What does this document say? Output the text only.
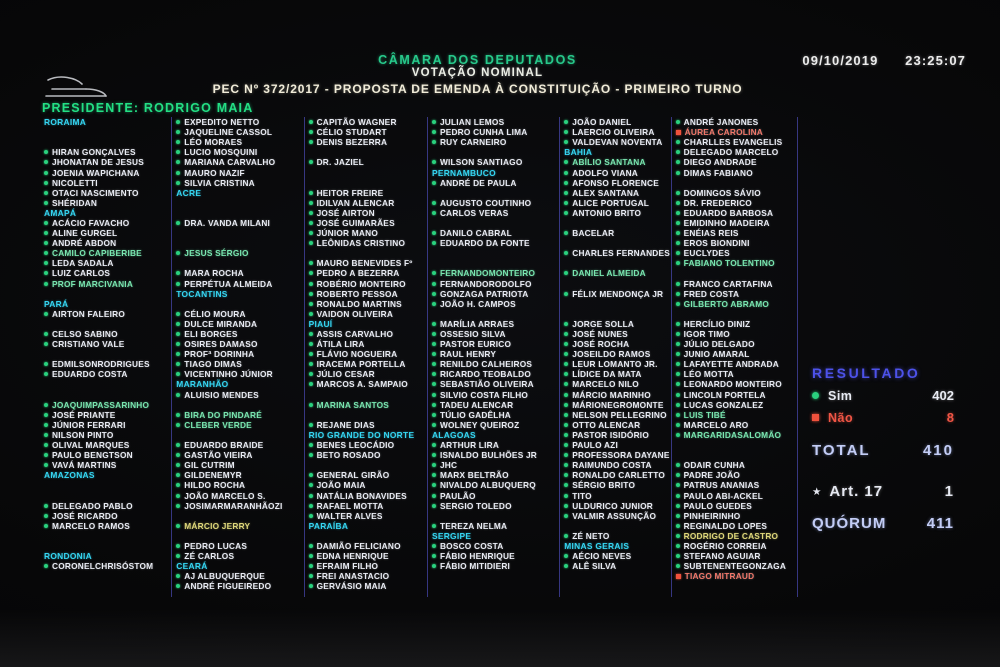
CÂMARA DOS DEPUTADOS	09/10/2019 23:25:07
VOTAÇÃO NOMINAL
PEC Nº 372/2017 - PROPOSTA DE EMENDA À CONSTITUIÇÃO - PRIMEIRO TURNO
PRESIDENTE: RODRIGO MAIA
RORAIMA
HIRAN GONÇALVES
JHONATAN DE JESUS
JOENIA WAPICHANA
NICOLETTI
OTACI NASCIMENTO
SHÉRIDAN
AMAPÁ
ACÁCIO FAVACHO
ALINE GURGEL
ANDRÉ ABDON
CAMILO CAPIBERIBE
LEDA SADALA
LUIZ CARLOS
PROF MARCIVANIA
PARÁ
AIRTON FALEIRO
CELSO SABINO
CRISTIANO VALE
EDMILSONRODRIGUES
EDUARDO COSTA
JOAQUIMPASSARINHO
JOSÉ PRIANTE
JÚNIOR FERRARI
NILSON PINTO
OLIVAL MARQUES
PAULO BENGTSON
VAVÁ MARTINS
AMAZONAS
DELEGADO PABLO
JOSÉ RICARDO
MARCELO RAMOS
RONDONIA
CORONELCHRISÓSTOM
EXPEDITO NETTO
JAQUELINE CASSOL
LÉO MORAES
LUCIO MOSQUINI
MARIANA CARVALHO
MAURO NAZIF
SILVIA CRISTINA
ACRE
DRA. VANDA MILANI
JESUS SÉRGIO
MARA ROCHA
PERPÉTUA ALMEIDA
TOCANTINS
CÉLIO MOURA
DULCE MIRANDA
ELI BORGES
OSIRES DAMASO
PROFª DORINHA
TIAGO DIMAS
VICENTINHO JÚNIOR
MARANHÃO
ALUISIO MENDES
BIRA DO PINDARÉ
CLEBER VERDE
EDUARDO BRAIDE
GASTÃO VIEIRA
GIL CUTRIM
GILDENEMYR
HILDO ROCHA
JOÃO MARCELO S.
JOSIMARMARANHÃOZI
MÁRCIO JERRY
PEDRO LUCAS
ZÉ CARLOS
CEARÁ
AJ ALBUQUERQUE
ANDRÉ FIGUEIREDO
CAPITÃO WAGNER
CÉLIO STUDART
DENIS BEZERRA
DR. JAZIEL
HEITOR FREIRE
IDILVAN ALENCAR
JOSÉ AIRTON
JOSÉ GUIMARÃES
JÚNIOR MANO
LEÔNIDAS CRISTINO
MAURO BENEVIDES Fº
PEDRO A BEZERRA
ROBÉRIO MONTEIRO
ROBERTO PESSOA
RONALDO MARTINS
VAIDON OLIVEIRA
PIAUÍ
ASSIS CARVALHO
ÁTILA LIRA
FLÁVIO NOGUEIRA
IRACEMA PORTELLA
JÚLIO CESAR
MARCOS A. SAMPAIO
MARINA SANTOS
REJANE DIAS
RIO GRANDE DO NORTE
BENES LEOCÁDIO
BETO ROSADO
GENERAL GIRÃO
JOÃO MAIA
NATÁLIA BONAVIDES
RAFAEL MOTTA
WALTER ALVES
PARAÍBA
DAMIÃO FELICIANO
EDNA HENRIQUE
EFRAIM FILHO
FREI ANASTACIO
GERVÁSIO MAIA
JULIAN LEMOS
PEDRO CUNHA LIMA
RUY CARNEIRO
WILSON SANTIAGO
PERNAMBUCO
ANDRÉ DE PAULA
AUGUSTO COUTINHO
CARLOS VERAS
DANILO CABRAL
EDUARDO DA FONTE
FERNANDOMONTEIRO
FERNANDORODOLFO
GONZAGA PATRIOTA
JOÃO H. CAMPOS
MARÍLIA ARRAES
OSSESIO SILVA
PASTOR EURICO
RAUL HENRY
RENILDO CALHEIROS
RICARDO TEOBALDO
SEBASTIÃO OLIVEIRA
SILVIO COSTA FILHO
TADEU ALENCAR
TÚLIO GADÊLHA
WOLNEY QUEIROZ
ALAGOAS
ARTHUR LIRA
ISNALDO BULHÕES JR
JHC
MARX BELTRÃO
NIVALDO ALBUQUERQ
PAULÃO
SERGIO TOLEDO
TEREZA NELMA
SERGIPE
BOSCO COSTA
FÁBIO HENRIQUE
FÁBIO MITIDIERI
JOÃO DANIEL
LAERCIO OLIVEIRA
VALDEVAN NOVENTA
BAHIA
ABÍLIO SANTANA
ADOLFO VIANA
AFONSO FLORENCE
ALEX SANTANA
ALICE PORTUGAL
ANTONIO BRITO
BACELAR
CHARLES FERNANDES
DANIEL ALMEIDA
FÉLIX MENDONÇA JR
JORGE SOLLA
JOSÉ NUNES
JOSÉ ROCHA
JOSEILDO RAMOS
LEUR LOMANTO JR.
LÍDICE DA MATA
MARCELO NILO
MÁRCIO MARINHO
MÁRIONEGROMONTE
NELSON PELLEGRINO
OTTO ALENCAR
PASTOR ISIDÓRIO
PAULO AZI
PROFESSORA DAYANE
RAIMUNDO COSTA
RONALDO CARLETTO
SÉRGIO BRITO
TITO
ULDURICO JUNIOR
VALMIR ASSUNÇÃO
ZÉ NETO
MINAS GERAIS
AÉCIO NEVES
ALÊ SILVA
ANDRÉ JANONES
ÁUREA CAROLINA
CHARLLES EVANGELIS
DELEGADO MARCELO
DIEGO ANDRADE
DIMAS FABIANO
DOMINGOS SÁVIO
DR. FREDERICO
EDUARDO BARBOSA
EMIDINHO MADEIRA
ENÉIAS REIS
EROS BIONDINI
EUCLYDES
FABIANO TOLENTINO
FRANCO CARTAFINA
FRED COSTA
GILBERTO ABRAMO
HERCÍLIO DINIZ
IGOR TIMO
JÚLIO DELGADO
JUNIO AMARAL
LAFAYETTE ANDRADA
LÉO MOTTA
LEONARDO MONTEIRO
LINCOLN PORTELA
LUCAS GONZALEZ
LUIS TIBÉ
MARCELO ARO
MARGARIDASALOMÃO
ODAIR CUNHA
PADRE JOÃO
PATRUS ANANIAS
PAULO ABI-ACKEL
PAULO GUEDES
PINHEIRINHO
REGINALDO LOPES
RODRIGO DE CASTRO
ROGÉRIO CORREIA
STEFANO AGUIAR
SUBTENENTEGONZAGA
TIAGO MITRAUD
RESULTADO
Sim	402
Não	8
TOTAL	410
★ Art. 17	1
QUÓRUM	411
